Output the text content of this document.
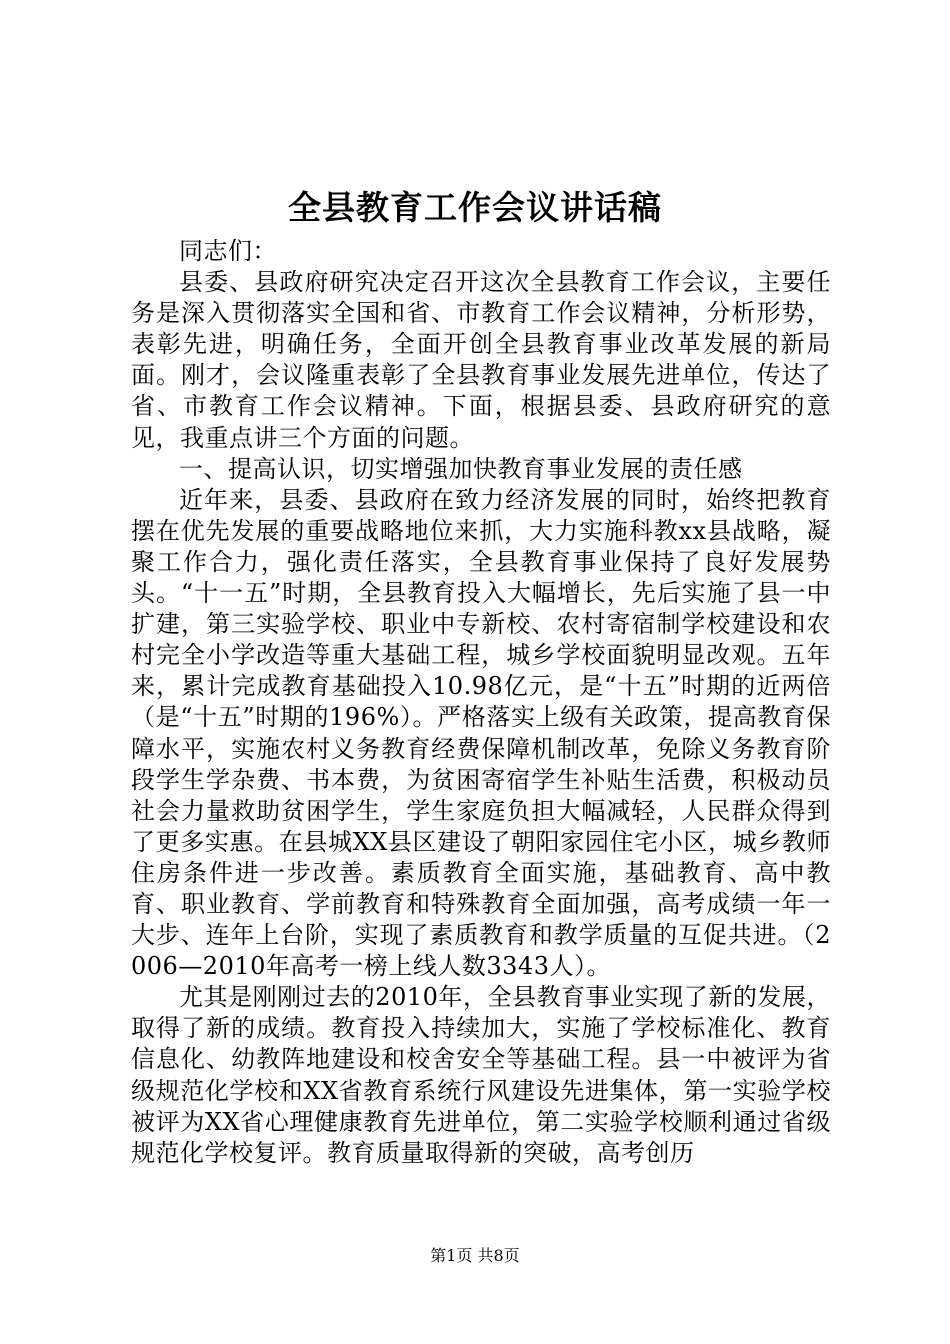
全县教育工作会议讲话稿

同志们：

县委、县政府研究决定召开这次全县教育工作会议，主要任务是深入贯彻落实全国和省、市教育工作会议精神，分析形势，表彰先进，明确任务，全面开创全县教育事业改革发展的新局面。刚才，会议隆重表彰了全县教育事业发展先进单位，传达了省、市教育工作会议精神。下面，根据县委、县政府研究的意见，我重点讲三个方面的问题。

一、提高认识，切实增强加快教育事业发展的责任感

近年来，县委、县政府在致力经济发展的同时，始终把教育摆在优先发展的重要战略地位来抓，大力实施科教xx县战略，凝聚工作合力，强化责任落实，全县教育事业保持了良好发展势头。“十一五”时期，全县教育投入大幅增长，先后实施了县一中扩建，第三实验学校、职业中专新校、农村寄宿制学校建设和农村完全小学改造等重大基础工程，城乡学校面貌明显改观。五年来，累计完成教育基础投入10.98亿元，是“十五”时期的近两倍（是“十五”时期的196%）。严格落实上级有关政策，提高教育保障水平，实施农村义务教育经费保障机制改革，免除义务教育阶段学生学杂费、书本费，为贫困寄宿学生补贴生活费，积极动员社会力量救助贫困学生，学生家庭负担大幅减轻，人民群众得到了更多实惠。在县城XX县区建设了朝阳家园住宅小区，城乡教师住房条件进一步改善。素质教育全面实施，基础教育、高中教育、职业教育、学前教育和特殊教育全面加强，高考成绩一年一大步、连年上台阶，实现了素质教育和教学质量的互促共进。（2006—2010年高考一榜上线人数3343人）。

尤其是刚刚过去的2010年，全县教育事业实现了新的发展，取得了新的成绩。教育投入持续加大，实施了学校标准化、教育信息化、幼教阵地建设和校舍安全等基础工程。县一中被评为省级规范化学校和XX省教育系统行风建设先进集体，第一实验学校被评为XX省心理健康教育先进单位，第二实验学校顺利通过省级规范化学校复评。教育质量取得新的突破，高考创历

第1页 共8页
